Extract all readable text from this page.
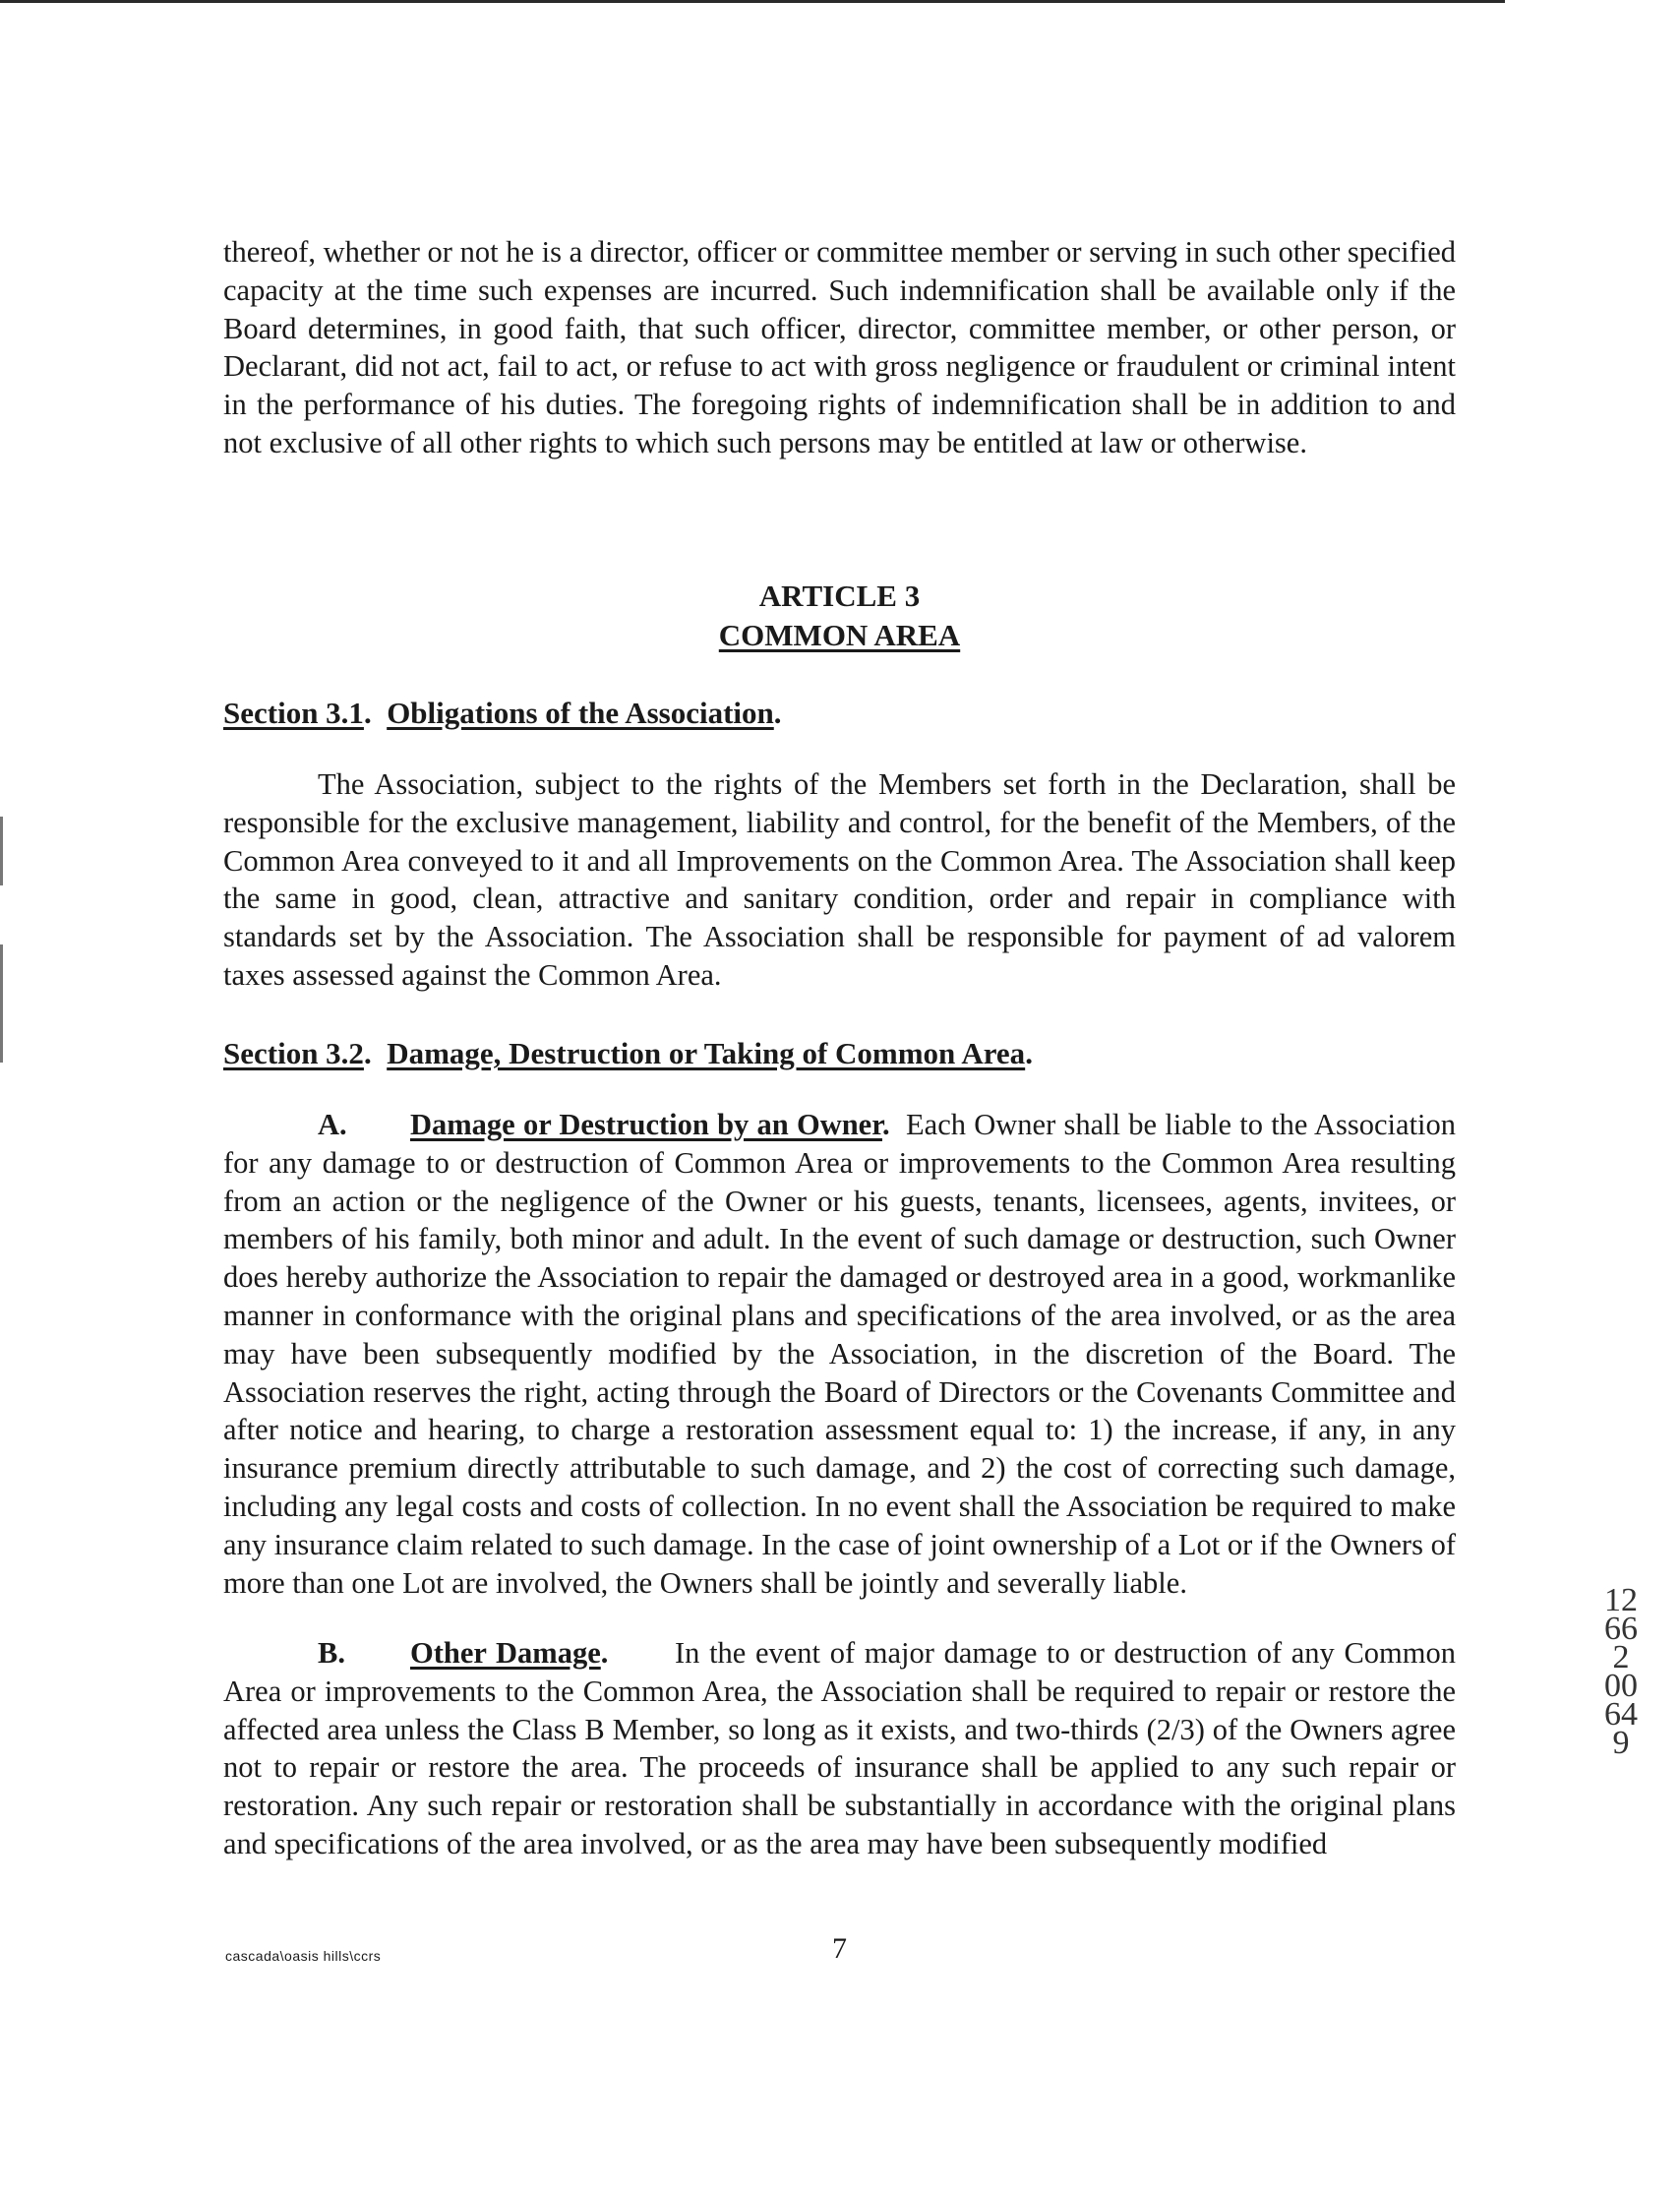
thereof, whether or not he is a director, officer or committee member or serving in such other specified capacity at the time such expenses are incurred. Such indemnification shall be available only if the Board determines, in good faith, that such officer, director, committee member, or other person, or Declarant, did not act, fail to act, or refuse to act with gross negligence or fraudulent or criminal intent in the performance of his duties. The foregoing rights of indemnification shall be in addition to and not exclusive of all other rights to which such persons may be entitled at law or otherwise.

ARTICLE 3
COMMON AREA
Section 3.1.  Obligations of the Association.

The Association, subject to the rights of the Members set forth in the Declaration, shall be responsible for the exclusive management, liability and control, for the benefit of the Members, of the Common Area conveyed to it and all Improvements on the Common Area. The Association shall keep the same in good, clean, attractive and sanitary condition, order and repair in compliance with standards set by the Association. The Association shall be responsible for payment of ad valorem taxes assessed against the Common Area.

Section 3.2.  Damage, Destruction or Taking of Common Area.

A. Damage or Destruction by an Owner. Each Owner shall be liable to the Association for any damage to or destruction of Common Area or improvements to the Common Area resulting from an action or the negligence of the Owner or his guests, tenants, licensees, agents, invitees, or members of his family, both minor and adult. In the event of such damage or destruction, such Owner does hereby authorize the Association to repair the damaged or destroyed area in a good, workmanlike manner in conformance with the original plans and specifications of the area involved, or as the area may have been subsequently modified by the Association, in the discretion of the Board. The Association reserves the right, acting through the Board of Directors or the Covenants Committee and after notice and hearing, to charge a restoration assessment equal to: 1) the increase, if any, in any insurance premium directly attributable to such damage, and 2) the cost of correcting such damage, including any legal costs and costs of collection. In no event shall the Association be required to make any insurance claim related to such damage. In the case of joint ownership of a Lot or if the Owners of more than one Lot are involved, the Owners shall be jointly and severally liable.

B. Other Damage. In the event of major damage to or destruction of any Common Area or improvements to the Common Area, the Association shall be required to repair or restore the affected area unless the Class B Member, so long as it exists, and two-thirds (2/3) of the Owners agree not to repair or restore the area. The proceeds of insurance shall be applied to any such repair or restoration. Any such repair or restoration shall be substantially in accordance with the original plans and specifications of the area involved, or as the area may have been subsequently modified

cascada\oasis hills\ccrs	7
12662 00649
